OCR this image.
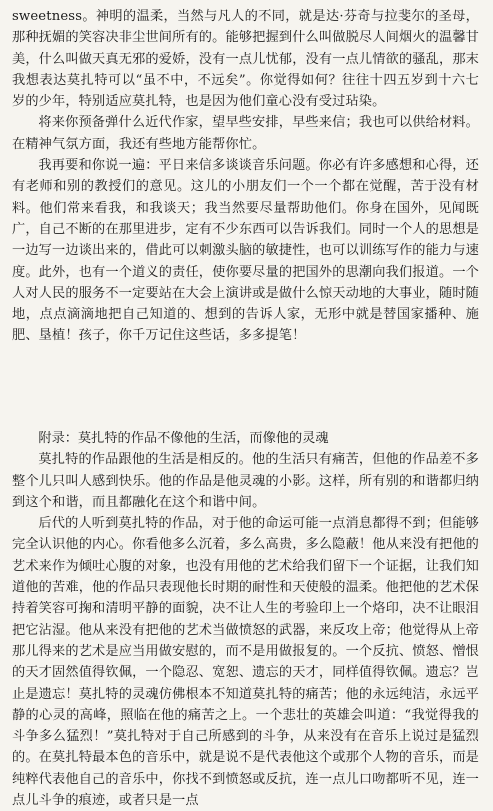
sweetness。神明的温柔，当然与凡人的不同，就是达·芬奇与拉斐尔的圣母，那种抚媚的笑容决非尘世间所有的。能够把握到什么叫做脱尽人间烟火的温馨甘美，什么叫做天真无邪的爱娇，没有一点儿忧郁，没有一点儿情欲的骚乱，那末我想表达莫扎特可以“虽不中，不远矣”。你觉得如何？往往十四五岁到十六七岁的少年，特别适应莫扎特，也是因为他们童心没有受过玷染。

将来你预备弹什么近代作家，望早些安排，早些来信；我也可以供给材料。在精神气氛方面，我还有些地方能帮你忙。

我再要和你说一遍：平日来信多谈谈音乐问题。你必有许多感想和心得，还有老师和别的教授们的意见。这儿的小朋友们一个一个都在觉醒，苦于没有材料。他们常来看我，和我谈天；我当然要尽量帮助他们。你身在国外，见闻既广，自己不断的在那里进步，定有不少东西可以告诉我们。同时一个人的思想是一边写一边谈出来的，借此可以刺激头脑的敏捷性，也可以训练写作的能力与速度。此外，也有一个道义的责任，使你要尽量的把国外的思潮向我们报道。一个人对人民的服务不一定要站在大会上演讲或是做什么惊天动地的大事业，随时随地，点点滴滴地把自己知道的、想到的告诉人家，无形中就是替国家播种、施肥、垦植！孩子，你千万记住这些话，多多提笔！

附录：莫扎特的作品不像他的生活，而像他的灵魂

莫扎特的作品跟他的生活是相反的。他的生活只有痛苦，但他的作品差不多整个儿只叫人感到快乐。他的作品是他灵魂的小影。这样，所有别的和谐都归纳到这个和谐，而且都融化在这个和谐中间。

后代的人听到莫扎特的作品，对于他的命运可能一点消息都得不到；但能够完全认识他的内心。你看他多么沉着，多么高贵，多么隐蔽！他从来没有把他的艺术来作为倾吐心腹的对象，也没有用他的艺术给我们留下一个证据，让我们知道他的苦难，他的作品只表现他长时期的耐性和天使般的温柔。他把他的艺术保持着笑容可掬和清明平静的面貌，决不让人生的考验印上一个烙印，决不让眼泪把它沾湿。他从来没有把他的艺术当做愤怒的武器，来反攻上帝；他觉得从上帝那儿得来的艺术是应当用做安慰的，而不是用做报复的。一个反抗、愤怒、憎恨的天才固然值得钦佩，一个隐忍、宽恕、遗忘的天才，同样值得钦佩。遗忘？岂止是遗忘！莫扎特的灵魂仿佛根本不知道莫扎特的痛苦；他的永远纯洁，永远平静的心灵的高峰，照临在他的痛苦之上。一个悲壮的英雄会叫道：“我觉得我的斗争多么猛烈！”莫扎特对于自己所感到的斗争，从来没有在音乐上说过是猛烈的。在莫扎特最本色的音乐中，就是说不是代表他这个或那个人物的音乐，而是纯粹代表他自己的音乐中，你找不到愤怒或反抗，连一点儿口吻都听不见，连一点儿斗争的痕迹，或者只是一点
